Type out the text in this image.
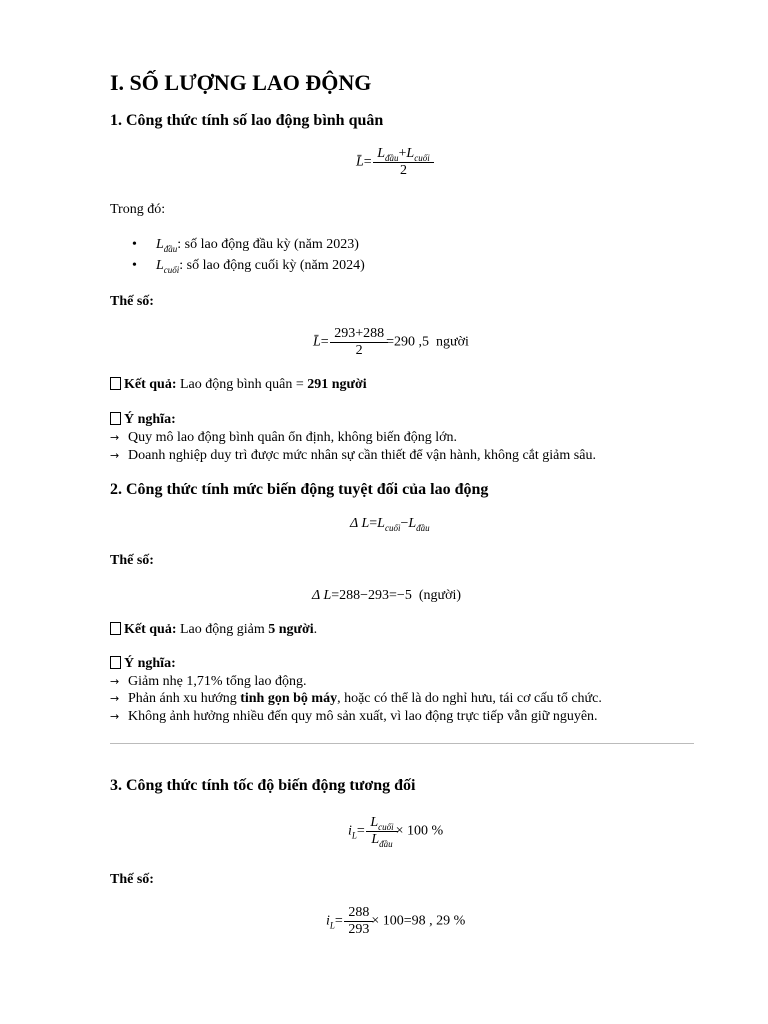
I. SỐ LƯỢNG LAO ĐỘNG
1. Công thức tính số lao động bình quân
L̄= $\frac{L_{đầu}+L_{cuối}}{2}$
Trong đó:
• $L_{đầu}$: số lao động đầu kỳ (năm 2023)
• $L_{cuối}$: số lao động cuối kỳ (năm 2024)
Thế số:
L̄= $\frac{293+288}{2} =290$ ,5 người
Kết quả: Lao động bình quân = 291 người
Ý nghĩa:
→ Quy mô lao động bình quân ổn định, không biến động lớn.
→ Doanh nghiệp duy trì được mức nhân sự cần thiết để vận hành, không cắt giảm sâu.
2. Công thức tính mức biến động tuyệt đối của lao động
Δ $L=L_{cuối}-L_{đầu}$
Thế số:
Δ L=288−293=−5 (người)
Kết quả: Lao động giảm 5 người.
Ý nghĩa:
→ Giảm nhẹ 1,71% tổng lao động.
→ Phản ánh xu hướng tinh gọn bộ máy, hoặc có thể là do nghỉ hưu, tái cơ cấu tổ chức.
→ Không ảnh hưởng nhiều đến quy mô sản xuất, vì lao động trực tiếp vẫn giữ nguyên.
3. Công thức tính tốc độ biến động tương đối
$i_L= \frac{L_{cuối}}{L_{đầu}} \times 100$ %
Thế số:
$i_L= \frac{288}{293} \times 100=98$ , 29 %
